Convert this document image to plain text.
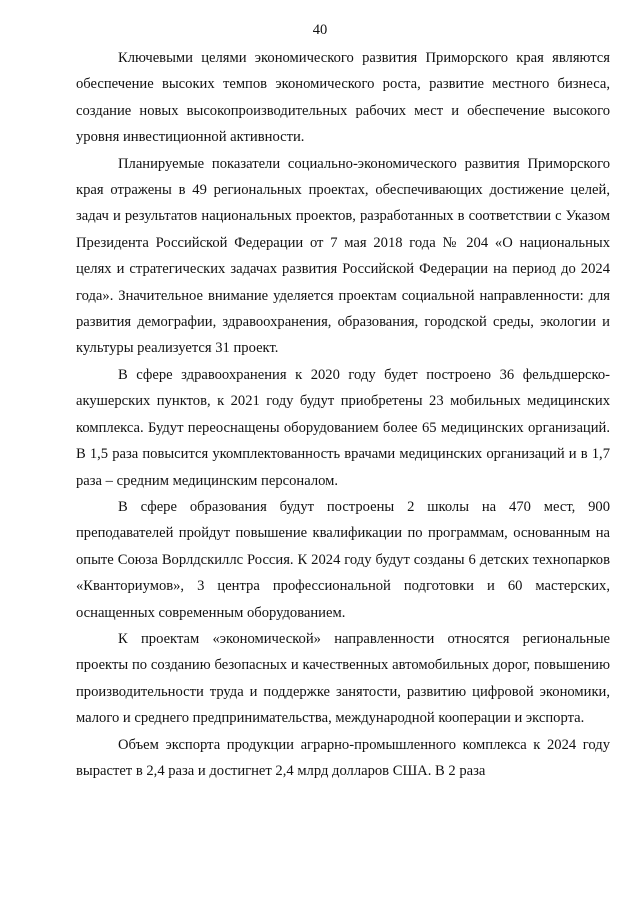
40

Ключевыми целями экономического развития Приморского края являются обеспечение высоких темпов экономического роста, развитие местного бизнеса, создание новых высокопроизводительных рабочих мест и обеспечение высокого уровня инвестиционной активности.

Планируемые показатели социально-экономического развития Приморского края отражены в 49 региональных проектах, обеспечивающих достижение целей, задач и результатов национальных проектов, разработанных в соответствии с Указом Президента Российской Федерации от 7 мая 2018 года № 204 «О национальных целях и стратегических задачах развития Российской Федерации на период до 2024 года». Значительное внимание уделяется проектам социальной направленности: для развития демографии, здравоохранения, образования, городской среды, экологии и культуры реализуется 31 проект.

В сфере здравоохранения к 2020 году будет построено 36 фельдшерско-акушерских пунктов, к 2021 году будут приобретены 23 мобильных медицинских комплекса. Будут переоснащены оборудованием более 65 медицинских организаций. В 1,5 раза повысится укомплектованность врачами медицинских организаций и в 1,7 раза – средним медицинским персоналом.

В сфере образования будут построены 2 школы на 470 мест, 900 преподавателей пройдут повышение квалификации по программам, основанным на опыте Союза Ворлдскиллс Россия. К 2024 году будут созданы 6 детских технопарков «Кванториумов», 3 центра профессиональной подготовки и 60 мастерских, оснащенных современным оборудованием.

К проектам «экономической» направленности относятся региональные проекты по созданию безопасных и качественных автомобильных дорог, повышению производительности труда и поддержке занятости, развитию цифровой экономики, малого и среднего предпринимательства, международной кооперации и экспорта.

Объем экспорта продукции аграрно-промышленного комплекса к 2024 году вырастет в 2,4 раза и достигнет 2,4 млрд долларов США. В 2 раза
